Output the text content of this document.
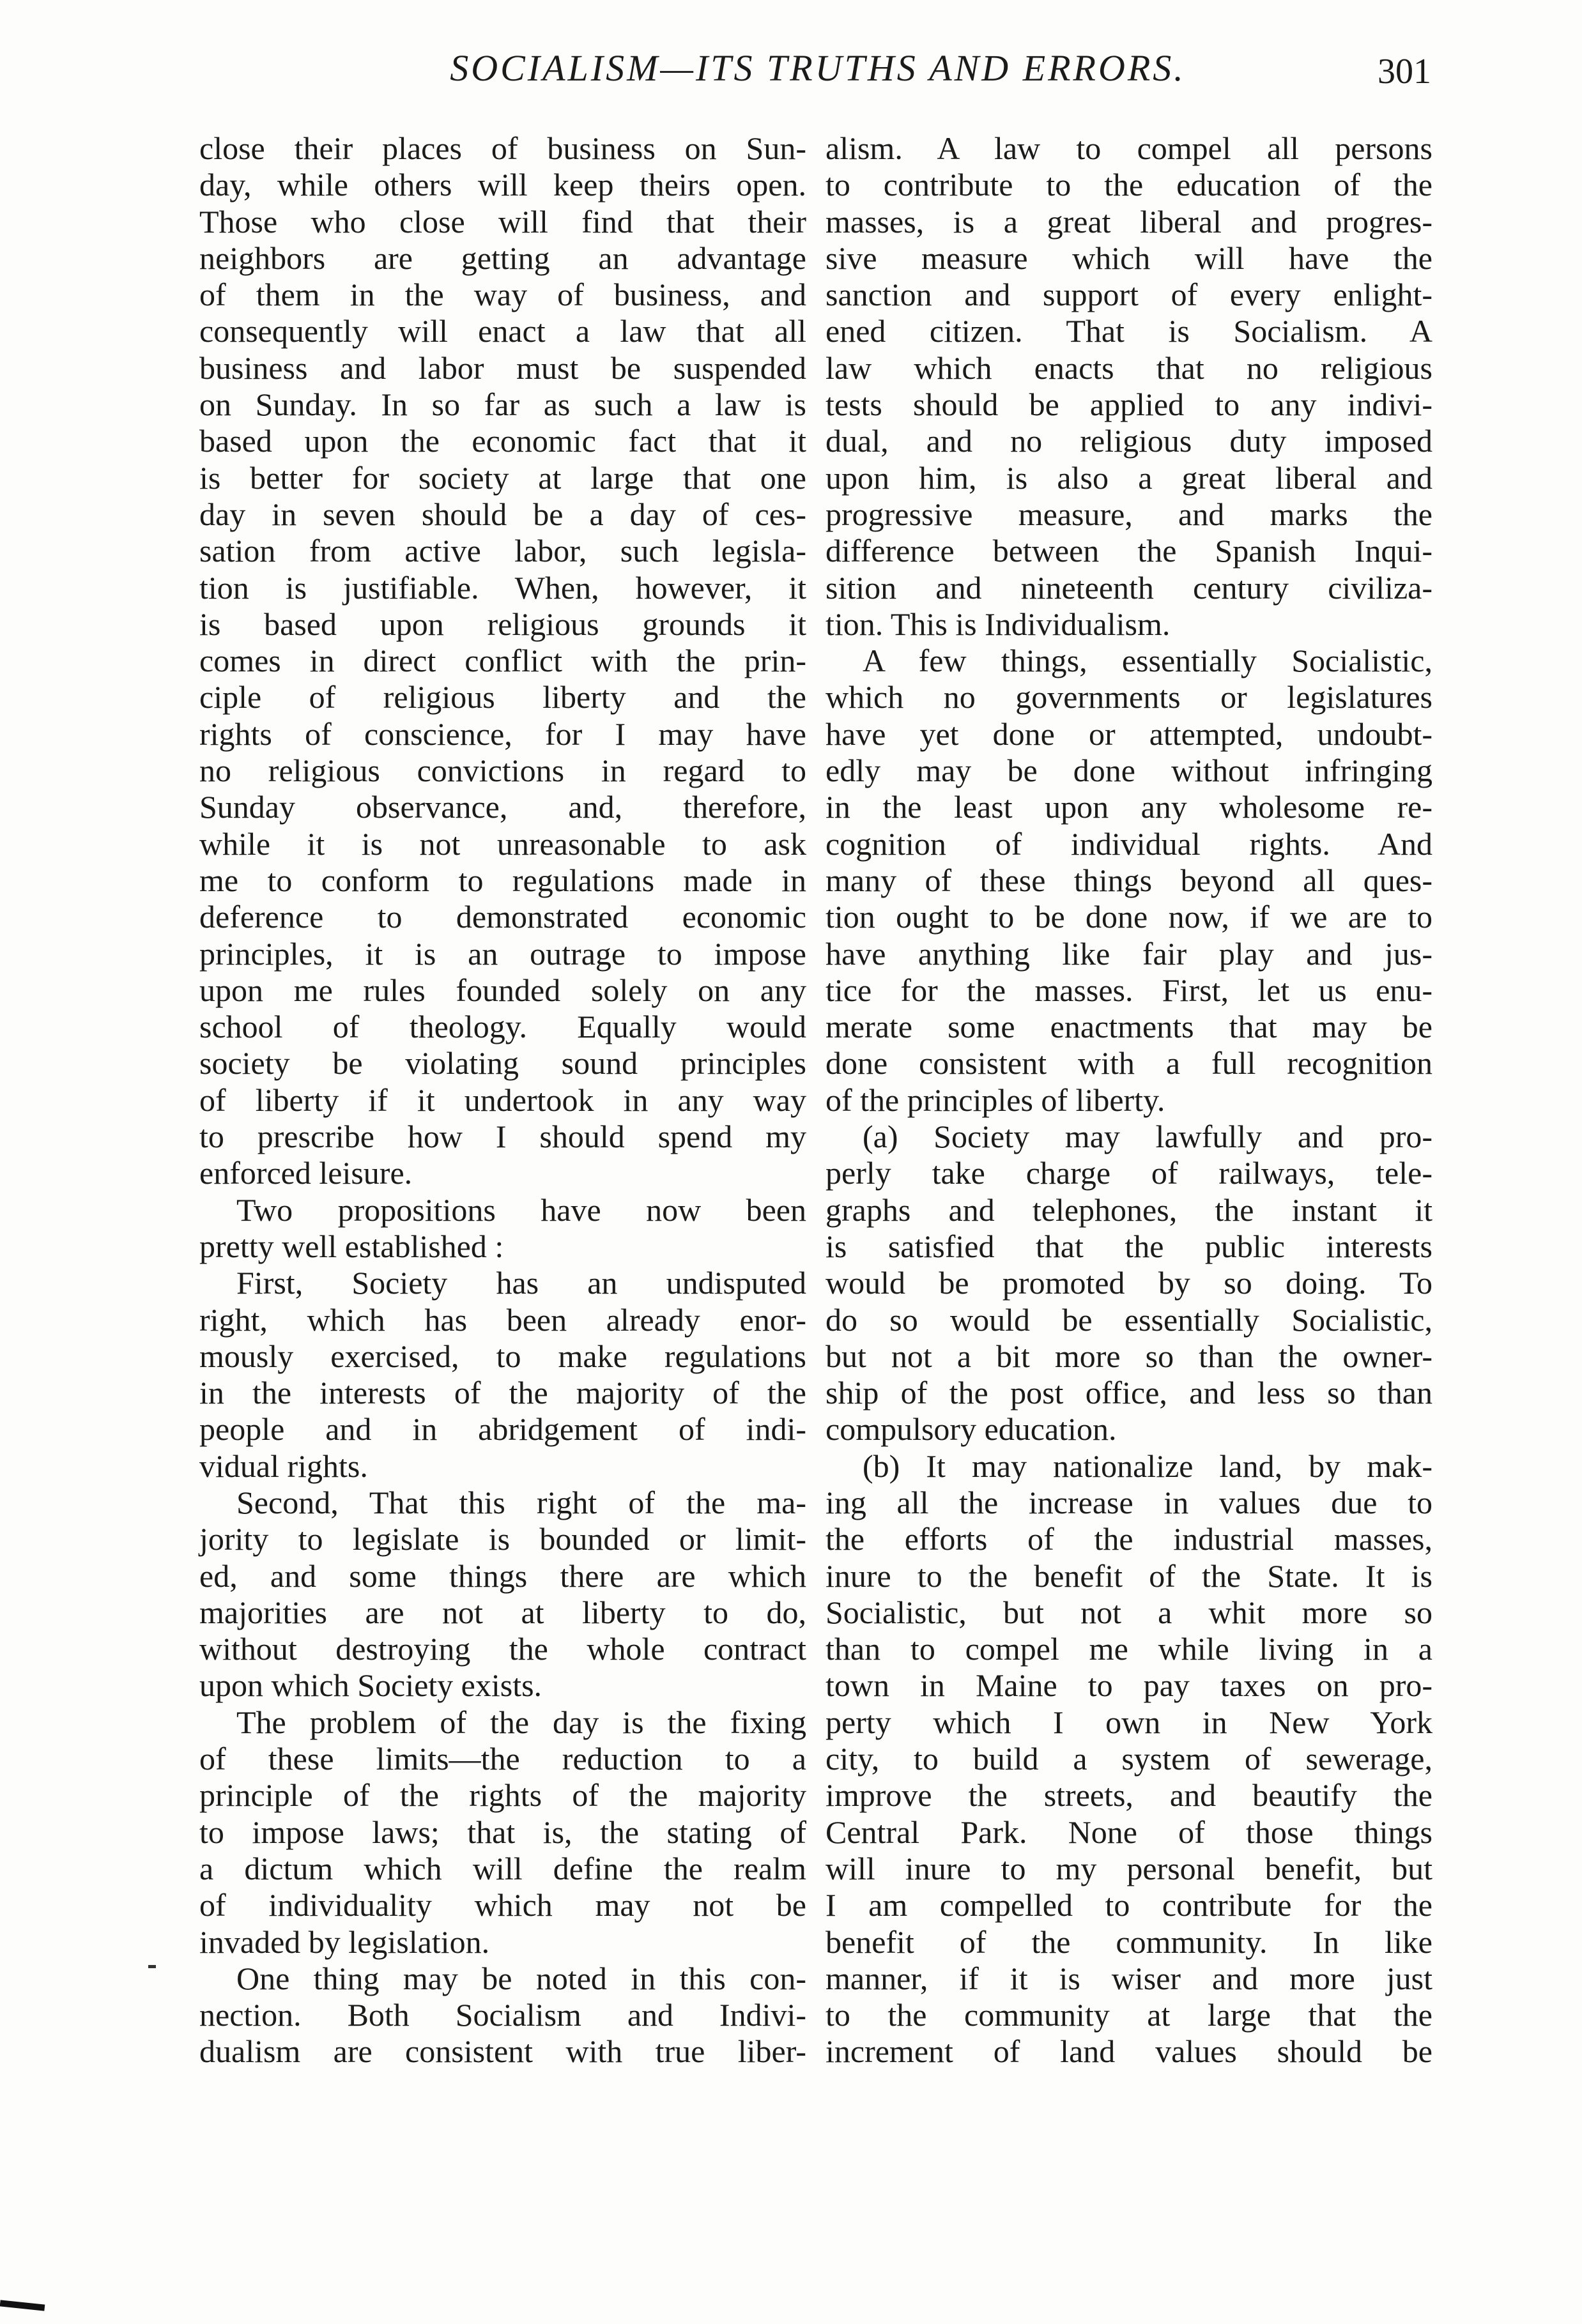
SOCIALISM—ITS TRUTHS AND ERRORS.	301
close their places of business on Sun-
day, while others will keep theirs open.
Those who close will find that their
neighbors are getting an advantage
of them in the way of business, and
consequently will enact a law that all
business and labor must be suspended
on Sunday. In so far as such a law is
based upon the economic fact that it
is better for society at large that one
day in seven should be a day of ces-
sation from active labor, such legisla-
tion is justifiable. When, however, it
is based upon religious grounds it
comes in direct conflict with the prin-
ciple of religious liberty and the
rights of conscience, for I may have
no religious convictions in regard to
Sunday observance, and, therefore,
while it is not unreasonable to ask
me to conform to regulations made in
deference to demonstrated economic
principles, it is an outrage to impose
upon me rules founded solely on any
school of theology. Equally would
society be violating sound principles
of liberty if it undertook in any way
to prescribe how I should spend my
enforced leisure.
Two propositions have now been
pretty well established :
First, Society has an undisputed
right, which has been already enor-
mously exercised, to make regulations
in the interests of the majority of the
people and in abridgement of indi-
vidual rights.
Second, That this right of the ma-
jority to legislate is bounded or limit-
ed, and some things there are which
majorities are not at liberty to do,
without destroying the whole contract
upon which Society exists.
The problem of the day is the fixing
of these limits—the reduction to a
principle of the rights of the majority
to impose laws; that is, the stating of
a dictum which will define the realm
of individuality which may not be
invaded by legislation.
One thing may be noted in this con-
nection. Both Socialism and Indivi-
dualism are consistent with true liber-
alism. A law to compel all persons
to contribute to the education of the
masses, is a great liberal and progres-
sive measure which will have the
sanction and support of every enlight-
ened citizen. That is Socialism. A
law which enacts that no religious
tests should be applied to any indivi-
dual, and no religious duty imposed
upon him, is also a great liberal and
progressive measure, and marks the
difference between the Spanish Inqui-
sition and nineteenth century civiliza-
tion. This is Individualism.
A few things, essentially Socialistic,
which no governments or legislatures
have yet done or attempted, undoubt-
edly may be done without infringing
in the least upon any wholesome re-
cognition of individual rights. And
many of these things beyond all ques-
tion ought to be done now, if we are to
have anything like fair play and jus-
tice for the masses. First, let us enu-
merate some enactments that may be
done consistent with a full recognition
of the principles of liberty.
(a) Society may lawfully and pro-
perly take charge of railways, tele-
graphs and telephones, the instant it
is satisfied that the public interests
would be promoted by so doing. To
do so would be essentially Socialistic,
but not a bit more so than the owner-
ship of the post office, and less so than
compulsory education.
(b) It may nationalize land, by mak-
ing all the increase in values due to
the efforts of the industrial masses,
inure to the benefit of the State. It is
Socialistic, but not a whit more so
than to compel me while living in a
town in Maine to pay taxes on pro-
perty which I own in New York
city, to build a system of sewerage,
improve the streets, and beautify the
Central Park. None of those things
will inure to my personal benefit, but
I am compelled to contribute for the
benefit of the community. In like
manner, if it is wiser and more just
to the community at large that the
increment of land values should be
